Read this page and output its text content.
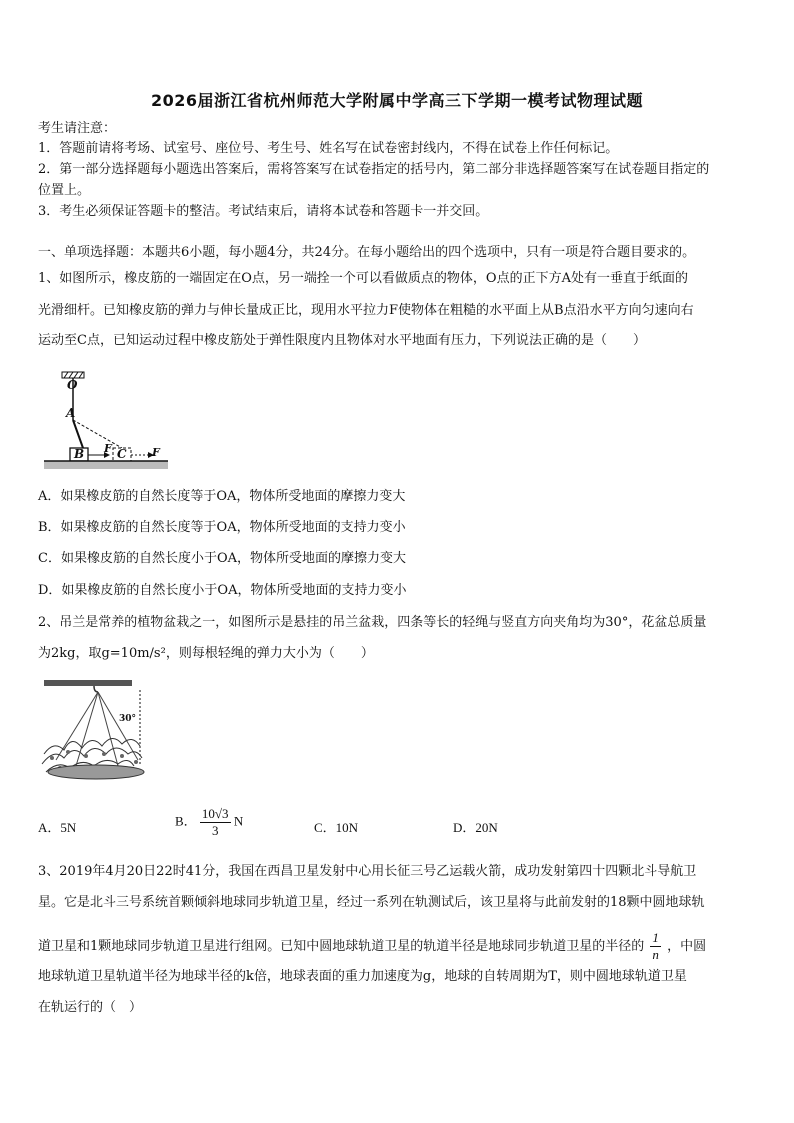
2026届浙江省杭州师范大学附属中学高三下学期一模考试物理试题
考生请注意：
1．答题前请将考场、试室号、座位号、考生号、姓名写在试卷密封线内，不得在试卷上作任何标记。
2．第一部分选择题每小题选出答案后，需将答案写在试卷指定的括号内，第二部分非选择题答案写在试卷题目指定的
位置上。
3．考生必须保证答题卡的整洁。考试结束后，请将本试卷和答题卡一并交回。
一、单项选择题：本题共6小题，每小题4分，共24分。在每小题给出的四个选项中，只有一项是符合题目要求的。
1、如图所示，橡皮筋的一端固定在O点，另一端拴一个可以看做质点的物体，O点的正下方A处有一垂直于纸面的
光滑细杆。已知橡皮筋的弹力与伸长量成正比，现用水平拉力F使物体在粗糙的水平面上从B点沿水平方向匀速向右
运动至C点，已知运动过程中橡皮筋处于弹性限度内且物体对水平地面有压力，下列说法正确的是（　　）
O
A
B F C F
A．如果橡皮筋的自然长度等于OA，物体所受地面的摩擦力变大
B．如果橡皮筋的自然长度等于OA，物体所受地面的支持力变小
C．如果橡皮筋的自然长度小于OA，物体所受地面的摩擦力变大
D．如果橡皮筋的自然长度小于OA，物体所受地面的支持力变小
2、吊兰是常养的植物盆栽之一，如图所示是悬挂的吊兰盆栽，四条等长的轻绳与竖直方向夹角均为30°，花盆总质量
为2kg，取g=10m/s²，则每根轻绳的弹力大小为（　　）
30°
A．5N	B． $\frac{10√3}{3}$ N	C．10N	D．20N
3、2019年4月20日22时41分，我国在西昌卫星发射中心用长征三号乙运载火箭，成功发射第四十四颗北斗导航卫
星。它是北斗三号系统首颗倾斜地球同步轨道卫星，经过一系列在轨测试后，该卫星将与此前发射的18颗中圆地球轨
道卫星和1颗地球同步轨道卫星进行组网。已知中圆地球轨道卫星的轨道半径是地球同步轨道卫星的半径的 $\frac{1}{n}$ ，中圆
地球轨道卫星轨道半径为地球半径的k倍，地球表面的重力加速度为g，地球的自转周期为T，则中圆地球轨道卫星
在轨运行的（　）
